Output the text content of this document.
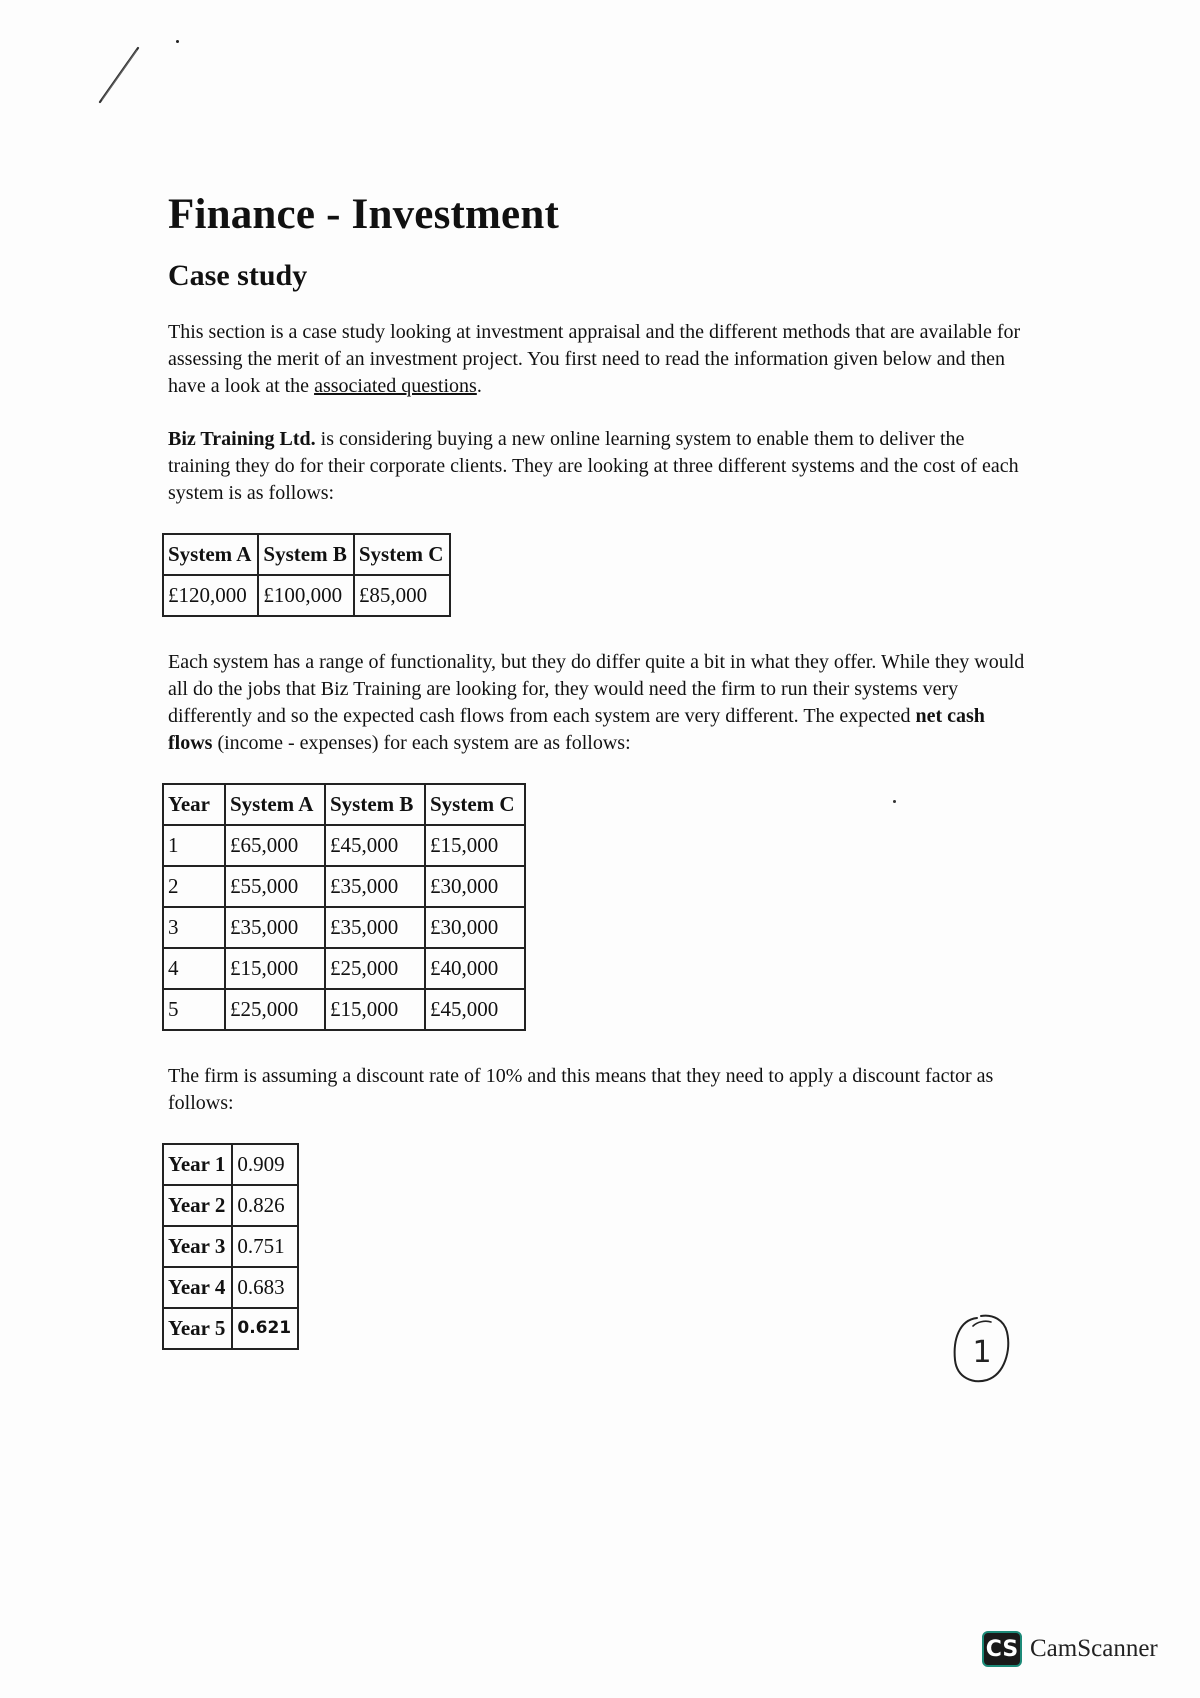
Finance - Investment
Case study

This section is a case study looking at investment appraisal and the different methods that are available for assessing the merit of an investment project. You first need to read the information given below and then have a look at the associated questions.

Biz Training Ltd. is considering buying a new online learning system to enable them to deliver the training they do for their corporate clients. They are looking at three different systems and the cost of each system is as follows:

System A	System B	System C
£120,000	£100,000	£85,000

Each system has a range of functionality, but they do differ quite a bit in what they offer. While they would all do the jobs that Biz Training are looking for, they would need the firm to run their systems very differently and so the expected cash flows from each system are very different. The expected net cash flows (income - expenses) for each system are as follows:

Year	System A	System B	System C
1	£65,000	£45,000	£15,000
2	£55,000	£35,000	£30,000
3	£35,000	£35,000	£30,000
4	£15,000	£25,000	£40,000
5	£25,000	£15,000	£45,000

The firm is assuming a discount rate of 10% and this means that they need to apply a discount factor as follows:

Year 1	0.909
Year 2	0.826
Year 3	0.751
Year 4	0.683
Year 5	0.621
1
CS CamScanner
